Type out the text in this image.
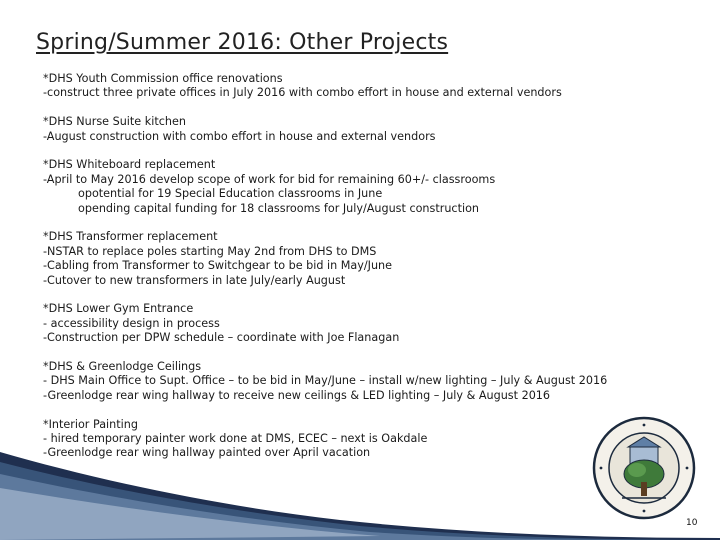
Spring/Summer 2016: Other Projects
*DHS Youth Commission office renovations
-construct three private offices in July 2016 with combo effort in house and external vendors
*DHS Nurse Suite kitchen
-August construction with combo effort in house and external vendors
*DHS Whiteboard replacement
-April to May 2016 develop scope of work for bid for remaining 60+/- classrooms
opotential for 19 Special Education classrooms in June
opending capital funding for 18 classrooms for July/August construction
*DHS Transformer replacement
-NSTAR to replace poles starting May 2nd from DHS to DMS
-Cabling from Transformer to Switchgear to be bid in May/June
-Cutover to new transformers in late July/early August
*DHS Lower Gym Entrance
- accessibility design in process
-Construction per DPW schedule – coordinate with Joe Flanagan
*DHS & Greenlodge Ceilings
- DHS Main Office to Supt. Office – to be bid in May/June – install w/new lighting – July & August 2016
-Greenlodge rear wing hallway to receive new ceilings & LED lighting – July & August 2016
*Interior Painting
- hired temporary painter work done at DMS, ECEC – next is Oakdale
-Greenlodge rear wing hallway painted over April vacation
10
